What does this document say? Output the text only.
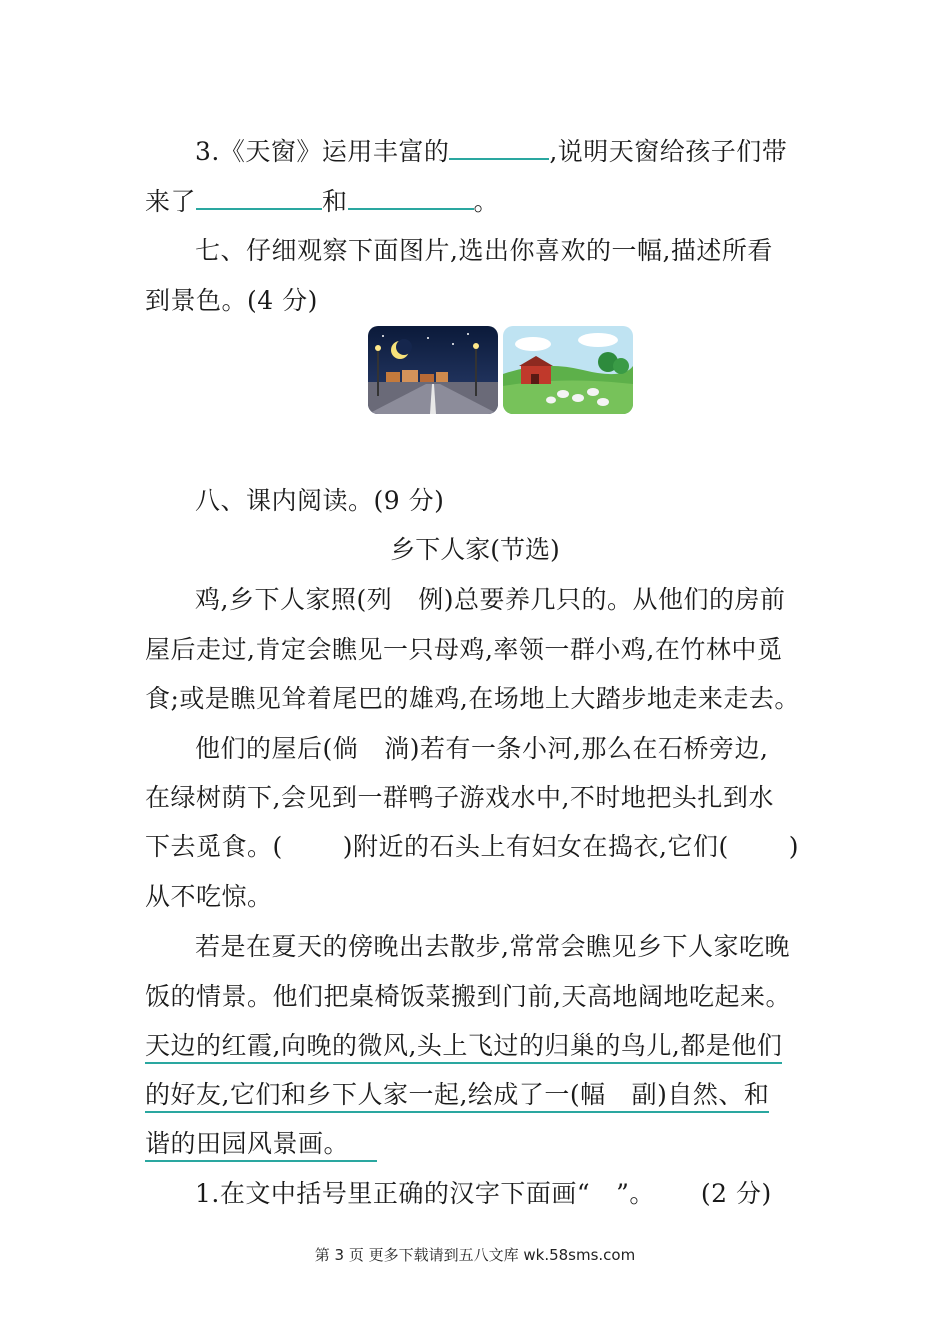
3.《天窗》运用丰富的	,说明天窗给孩子们带
来了	和	。
七、仔细观察下面图片,选出你喜欢的一幅,描述所看
到景色。(4 分)
八、课内阅读。(9 分)
乡下人家(节选)
鸡,乡下人家照(列 例)总要养几只的。从他们的房前
屋后走过,肯定会瞧见一只母鸡,率领一群小鸡,在竹林中觅
食;或是瞧见耸着尾巴的雄鸡,在场地上大踏步地走来走去。
他们的屋后(倘 淌)若有一条小河,那么在石桥旁边,
在绿树荫下,会见到一群鸭子游戏水中,不时地把头扎到水
下去觅食。( )附近的石头上有妇女在捣衣,它们( )
从不吃惊。
若是在夏天的傍晚出去散步,常常会瞧见乡下人家吃晚
饭的情景。他们把桌椅饭菜搬到门前,天高地阔地吃起来。
天边的红霞,向晚的微风,头上飞过的归巢的鸟儿,都是他们
的好友,它们和乡下人家一起,绘成了一(幅 副)自然、和
谐的田园风景画。
1.在文中括号里正确的汉字下面画“ ”。 (2 分)
第 3 页 更多下载请到五八文库 wk.58sms.com
